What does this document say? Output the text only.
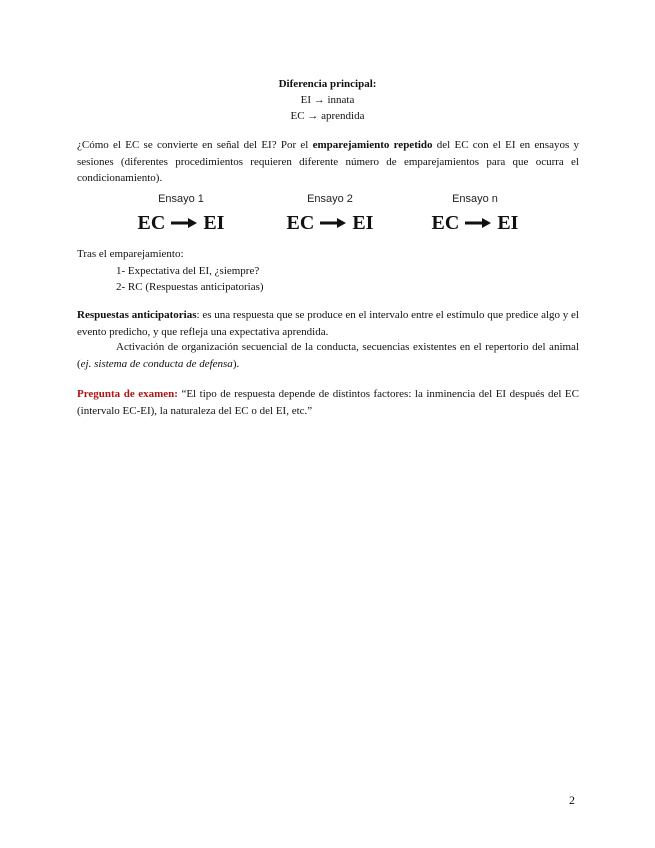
Diferencia principal:
EI → innata
EC → aprendida
¿Cómo el EC se convierte en señal del EI? Por el emparejamiento repetido del EC con el EI en ensayos y sesiones (diferentes procedimientos requieren diferente número de emparejamientos para que ocurra el condicionamiento).
Ensayo 1
EC EI
Ensayo 2
EC EI
Ensayo n
EC EI
Tras el emparejamiento:
1- Expectativa del EI, ¿siempre?
2- RC (Respuestas anticipatorias)
Respuestas anticipatorias: es una respuesta que se produce en el intervalo entre el estímulo que predice algo y el evento predicho, y que refleja una expectativa aprendida.
Activación de organización secuencial de la conducta, secuencias existentes en el repertorio del animal (ej. sistema de conducta de defensa).
Pregunta de examen: “El tipo de respuesta depende de distintos factores: la inminencia del EI después del EC (intervalo EC-EI), la naturaleza del EC o del EI, etc.”
2
